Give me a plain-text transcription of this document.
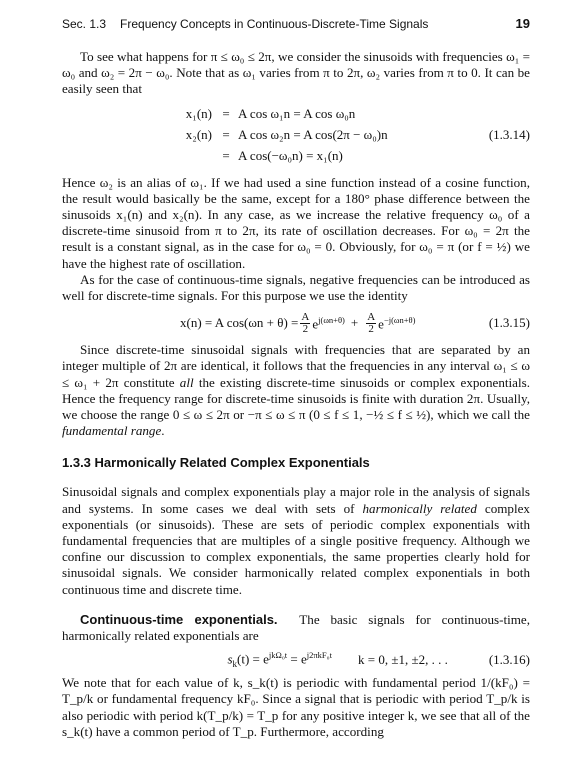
Sec. 1.3 Frequency Concepts in Continuous-Discrete-Time Signals	19

To see what happens for π ≤ ω₀ ≤ 2π, we consider the sinusoids with frequencies ω₁ = ω₀ and ω₂ = 2π − ω₀. Note that as ω₁ varies from π to 2π, ω₂ varies from π to 0. It can be easily seen that

x₁(n) = A cos ω₁n = A cos ω₀n
x₂(n) = A cos ω₂n = A cos(2π − ω₀)n	(1.3.14)
= A cos(−ω₀n) = x₁(n)

Hence ω₂ is an alias of ω₁. If we had used a sine function instead of a cosine function, the result would basically be the same, except for a 180° phase difference between the sinusoids x₁(n) and x₂(n). In any case, as we increase the relative frequency ω₀ of a discrete-time sinusoid from π to 2π, its rate of oscillation decreases. For ω₀ = 2π the result is a constant signal, as in the case for ω₀ = 0. Obviously, for ω₀ = π (or f = ½) we have the highest rate of oscillation.

As for the case of continuous-time signals, negative frequencies can be introduced as well for discrete-time signals. For this purpose we use the identity

x(n) = A $\cos(\omega n + \theta) = \frac{A}{2} e^{j(\omega n+\theta)} + \frac{A}{2} e^{-j(\omega n+\theta)}$	(1.3.15)

Since discrete-time sinusoidal signals with frequencies that are separated by an integer multiple of 2π are identical, it follows that the frequencies in any interval ω₁ ≤ ω ≤ ω₁ + 2π constitute all the existing discrete-time sinusoids or complex exponentials. Hence the frequency range for discrete-time sinusoids is finite with duration 2π. Usually, we choose the range 0 ≤ ω ≤ 2π or −π ≤ ω ≤ π (0 ≤ f ≤ 1, −½ ≤ f ≤ ½), which we call the fundamental range.

1.3.3 Harmonically Related Complex Exponentials

Sinusoidal signals and complex exponentials play a major role in the analysis of signals and systems. In some cases we deal with sets of harmonically related complex exponentials (or sinusoids). These are sets of periodic complex exponentials with fundamental frequencies that are multiples of a single positive frequency. Although we confine our discussion to complex exponentials, the same properties clearly hold for sinusoidal signals. We consider harmonically related complex exponentials in both continuous time and discrete time.

Continuous-time exponentials. The basic signals for continuous-time, harmonically related exponentials are

$s_k(t) = e^{jk\Omega_0t} = e^{j2\pi kF_0t}$	k = 0, ±1, ±2, . . .	(1.3.16)

We note that for each value of k, s_k(t) is periodic with fundamental period 1/(kF₀) = T_p/k or fundamental frequency kF₀. Since a signal that is periodic with period T_p/k is also periodic with period k(T_p/k) = T_p for any positive integer k, we see that all of the s_k(t) have a common period of T_p. Furthermore, according
